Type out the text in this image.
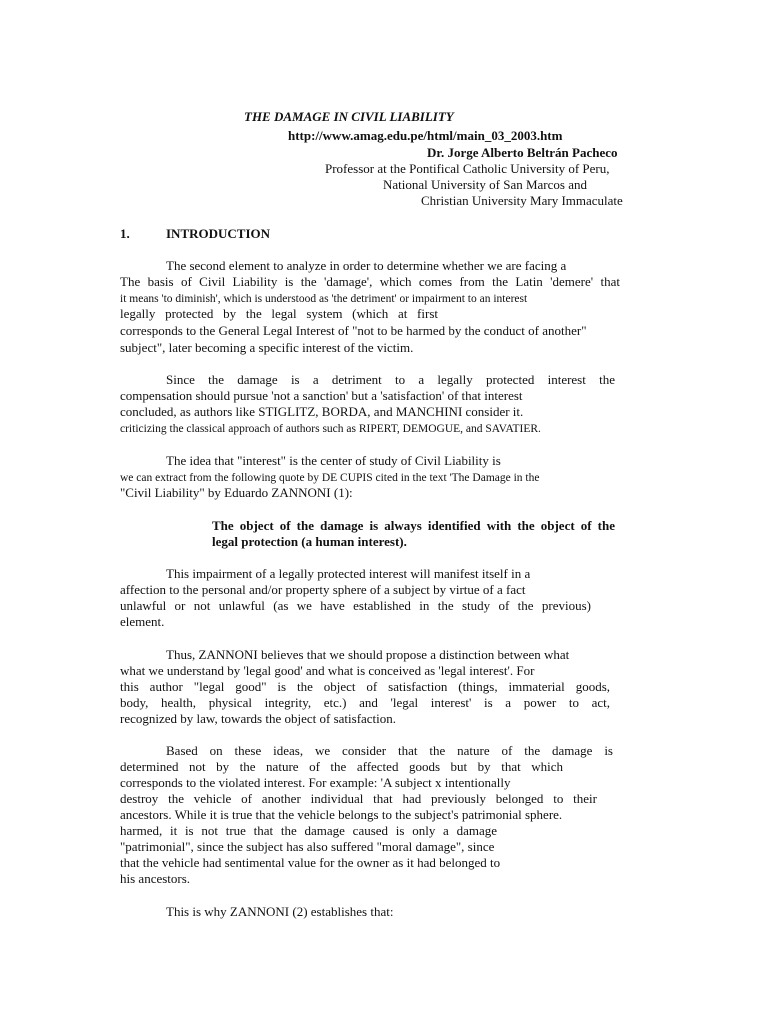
THE DAMAGE IN CIVIL LIABILITY
http://www.amag.edu.pe/html/main_03_2003.htm
Dr. Jorge Alberto Beltrán Pacheco
Professor at the Pontifical Catholic University of Peru,
National University of San Marcos and
Christian University Mary Immaculate
1.	INTRODUCTION
The second element to analyze in order to determine whether we are facing a
The basis of Civil Liability is the 'damage', which comes from the Latin 'demere' that
it means 'to diminish', which is understood as 'the detriment' or impairment to an interest
legally protected by the legal system (which at first
corresponds to the General Legal Interest of "not to be harmed by the conduct of another"
subject", later becoming a specific interest of the victim.
Since the damage is a detriment to a legally protected interest the
compensation should pursue 'not a sanction' but a 'satisfaction' of that interest
concluded, as authors like STIGLITZ, BORDA, and MANCHINI consider it.
criticizing the classical approach of authors such as RIPERT, DEMOGUE, and SAVATIER.
The idea that "interest" is the center of study of Civil Liability is
we can extract from the following quote by DE CUPIS cited in the text 'The Damage in the
"Civil Liability" by Eduardo ZANNONI (1):
The object of the damage is always identified with the object of the
legal protection (a human interest).
This impairment of a legally protected interest will manifest itself in a
affection to the personal and/or property sphere of a subject by virtue of a fact
unlawful or not unlawful (as we have established in the study of the previous)
element.
Thus, ZANNONI believes that we should propose a distinction between what
what we understand by 'legal good' and what is conceived as 'legal interest'. For
this author "legal good" is the object of satisfaction (things, immaterial goods,
body, health, physical integrity, etc.) and 'legal interest' is a power to act,
recognized by law, towards the object of satisfaction.
Based on these ideas, we consider that the nature of the damage is
determined not by the nature of the affected goods but by that which
corresponds to the violated interest. For example: 'A subject x intentionally
destroy the vehicle of another individual that had previously belonged to their
ancestors. While it is true that the vehicle belongs to the subject's patrimonial sphere.
harmed, it is not true that the damage caused is only a damage
"patrimonial", since the subject has also suffered "moral damage", since
that the vehicle had sentimental value for the owner as it had belonged to
his ancestors.
This is why ZANNONI (2) establishes that:
